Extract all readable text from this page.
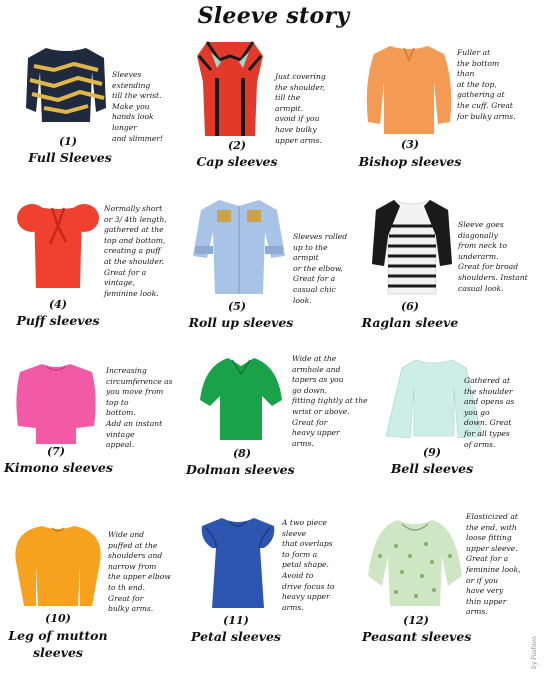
Sleeve story
Sleeves
extending
till the wrist.
Make you
hands look
longer
and slimmer!
(1)
Full Sleeves
Just covering
the shoulder,
till the
armpit.
avoid if you
have bulky
upper arms.
(2)
Cap sleeves
Fuller at
the bottom
than
at the top,
gathering at
the cuff. Great
for bulky arms.
(3)
Bishop sleeves
Normally short
or 3/ 4th length,
gathered at the
top and bottom,
creating a puff
at the shoulder.
Great for a
vintage,
feminine look.
(4)
Puff sleeves
Sleeves rolled
up to the
armpit
or the elbow,
Great for a
casual chic
look.
(5)
Roll up sleeves
Sleeve goes
diagonally
from neck to
underarm.
Great for broad
shoulders. Instant
casual look.
(6)
Raglan sleeve
Increasing
circumference as
you move from
top to
bottom.
Add an instant
vintage
appeal.
(7)
Kimono sleeves
Wide at the
armhole and
tapers as you
go down,
fitting tightly at the
wrist or above.
Great for
heavy upper
arms.
(8)
Dolman sleeves
Gathered at
the shoulder
and opens as
you go
down. Great
for all types
of arms.
(9)
Bell sleeves
Wide and
puffed at the
shoulders and
narrow from
the upper elbow
to th end.
Great for
bulky arms.
(10)
Leg of mutton
sleeves
A two piece
sleeve
that overlaps
to form a
petal shape.
Avoid to
drive focus to
heavy upper
arms.
(11)
Petal sleeves
Elasticized at
the end, with
loose fitting
upper sleeve.
Great for a
feminine look,
or if you
have very
thin upper
arms.
(12)
Peasant sleeves	by Fashion
